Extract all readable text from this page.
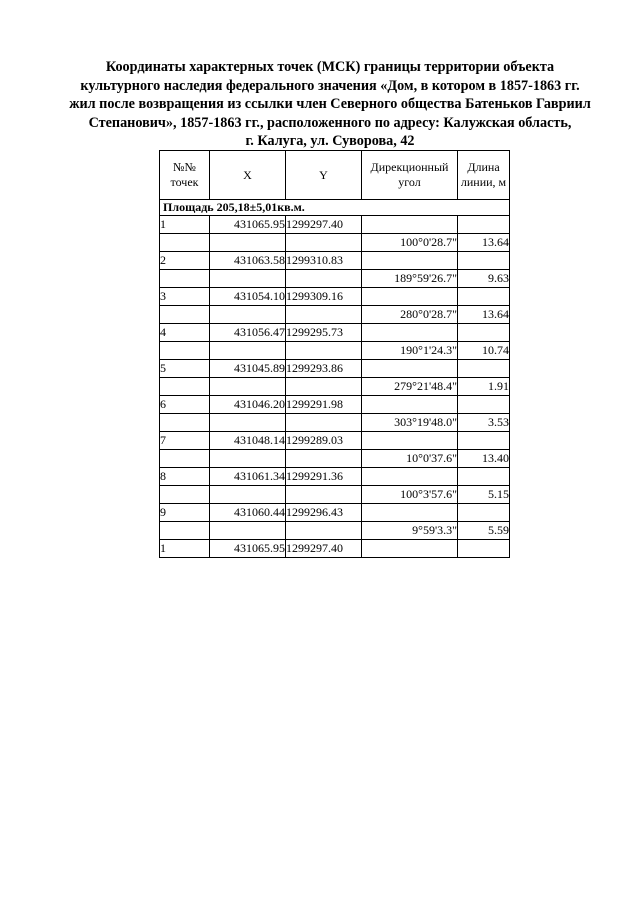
Координаты характерных точек (МСК) границы территории объекта
культурного наследия федерального значения «Дом, в котором в 1857-1863 гг.
жил после возвращения из ссылки член Северного общества Батеньков Гавриил
Степанович», 1857-1863 гг., расположенного по адресу: Калужская область,
г. Калуга, ул. Суворова, 42
№№ точек	X	Y	Дирекционный угол	Длина линии, м
Площадь 205,18±5,01кв.м.				
1	431065.95	1299297.40		
			100°0'28.7"	13.64
2	431063.58	1299310.83		
			189°59'26.7"	9.63
3	431054.10	1299309.16		
			280°0'28.7"	13.64
4	431056.47	1299295.73		
			190°1'24.3"	10.74
5	431045.89	1299293.86		
			279°21'48.4"	1.91
6	431046.20	1299291.98		
			303°19'48.0"	3.53
7	431048.14	1299289.03		
			10°0'37.6"	13.40
8	431061.34	1299291.36		
			100°3'57.6"	5.15
9	431060.44	1299296.43		
			9°59'3.3"	5.59
1	431065.95	1299297.40		
